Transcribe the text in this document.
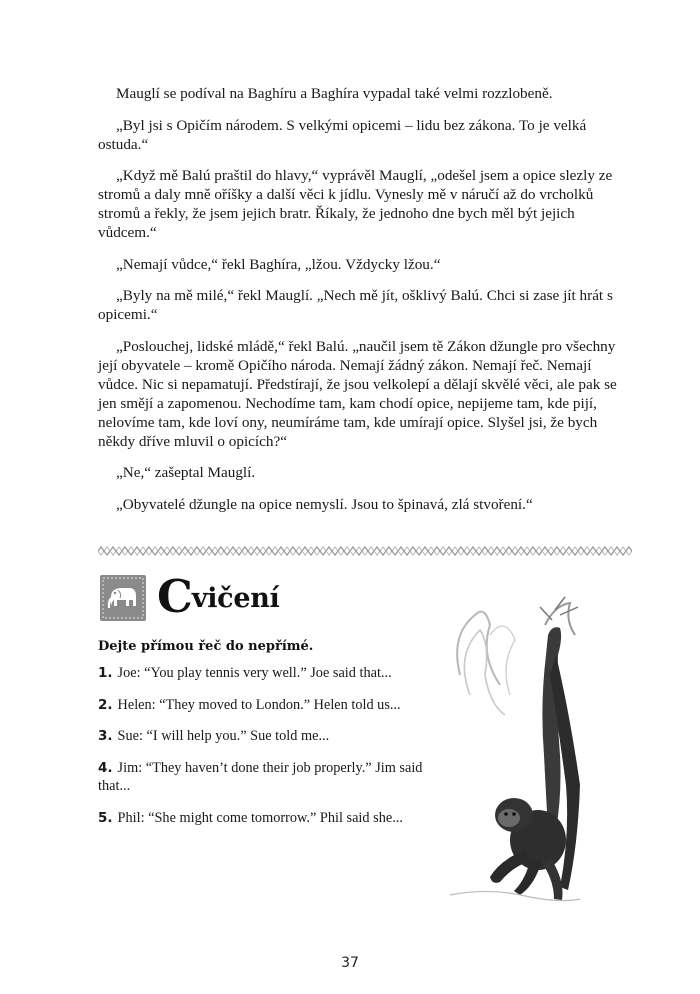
Mauglí se podíval na Baghíru a Baghíra vypadal také velmi rozzlobeně.

„Byl jsi s Opičím národem. S velkými opicemi – lidu bez zákona. To je velká ostuda.“

„Když mě Balú praštil do hlavy,“ vyprávěl Mauglí, „odešel jsem a opice slezly ze stromů a daly mně oříšky a další věci k jídlu. Vynesly mě v náručí až do vrcholků stromů a řekly, že jsem jejich bratr. Říkaly, že jednoho dne bych měl být jejich vůdcem.“

„Nemají vůdce,“ řekl Baghíra, „lžou. Vždycky lžou.“

„Byly na mě milé,“ řekl Mauglí. „Nech mě jít, ošklivý Balú. Chci si zase jít hrát s opicemi.“

„Poslouchej, lidské mládě,“ řekl Balú. „naučil jsem tě Zákon džungle pro všechny její obyvatele – kromě Opičího národa. Nemají žádný zákon. Nemají řeč. Nemají vůdce. Nic si nepamatují. Předstírají, že jsou velkolepí a dělají skvělé věci, ale pak se jen smějí a zapomenou. Nechodíme tam, kam chodí opice, nepijeme tam, kde pijí, nelovíme tam, kde loví ony, neumíráme tam, kde umírají opice. Slyšel jsi, že bych někdy dříve mluvil o opicích?“

„Ne,“ zašeptal Mauglí.

„Obyvatelé džungle na opice nemyslí. Jsou to špinavá, zlá stvoření.“

Cvičení
Dejte přímou řeč do nepřímé.
1. Joe: “You play tennis very well.” Joe said that...
2. Helen: “They moved to London.” Helen told us...
3. Sue: “I will help you.” Sue told me...
4. Jim: “They haven’t done their job properly.” Jim said that...
5. Phil: “She might come tomorrow.” Phil said she...
37
